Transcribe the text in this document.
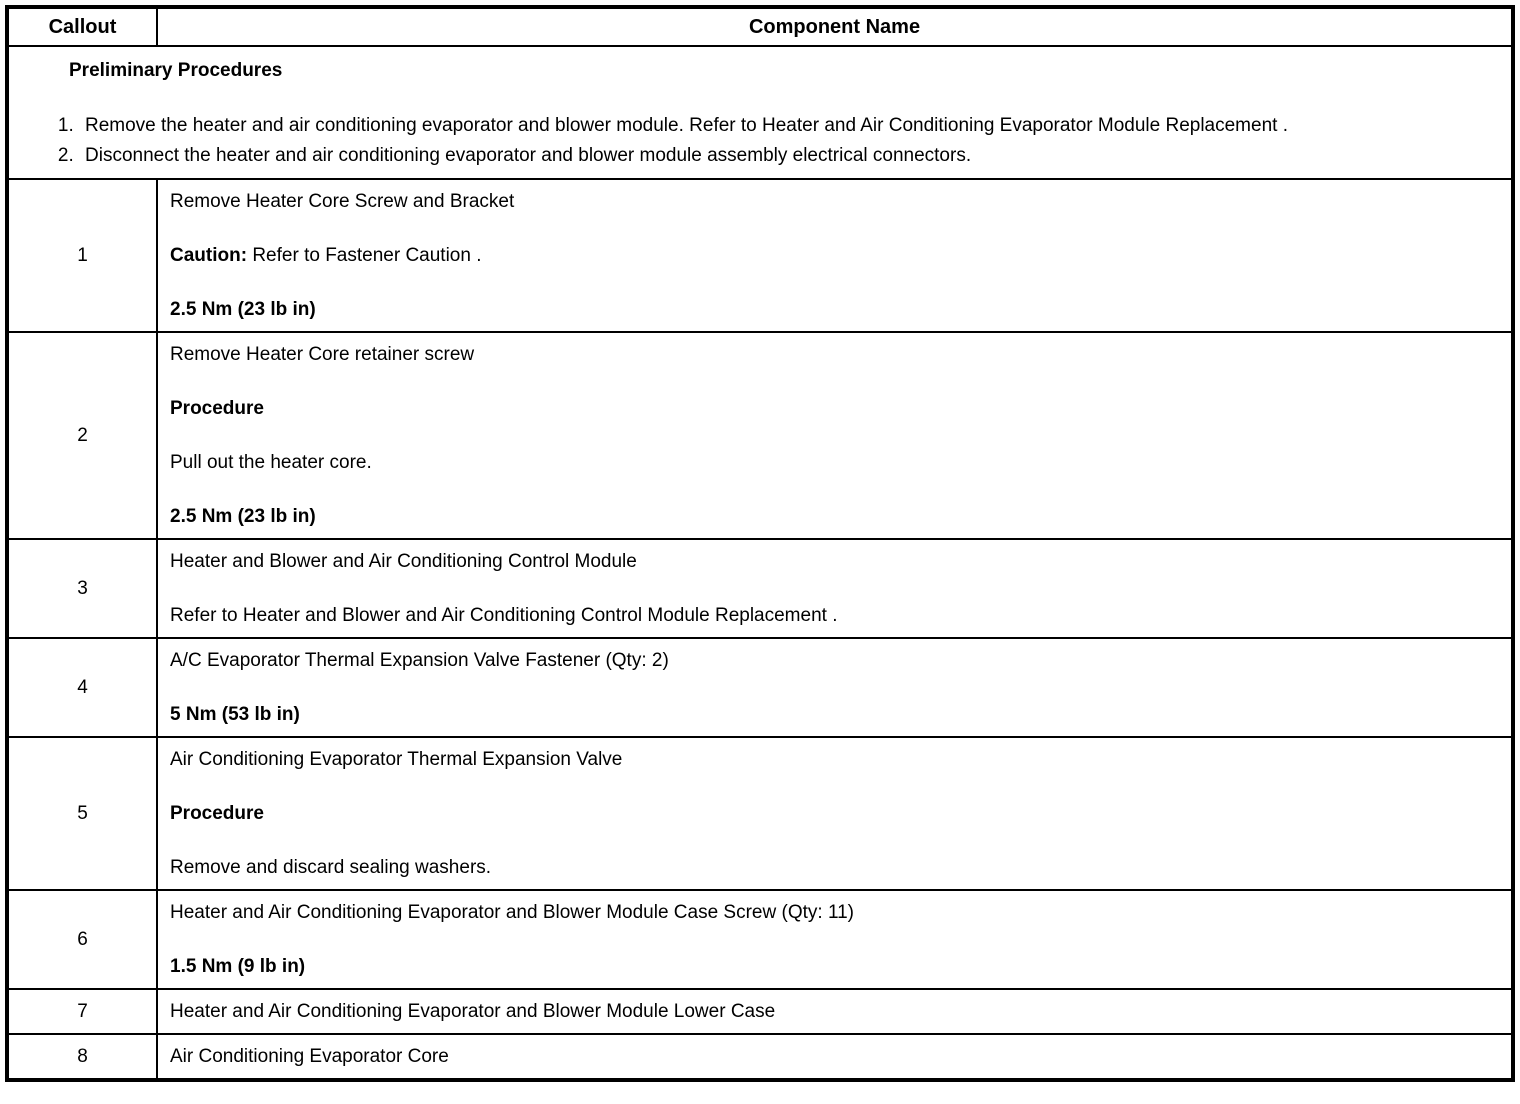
Callout	Component Name

Preliminary Procedures
1. Remove the heater and air conditioning evaporator and blower module. Refer to Heater and Air Conditioning Evaporator Module Replacement .
2. Disconnect the heater and air conditioning evaporator and blower module assembly electrical connectors.

1	Remove Heater Core Screw and Bracket

Caution: Refer to Fastener Caution .

2.5 Nm (23 lb in)

2	Remove Heater Core retainer screw

Procedure

Pull out the heater core.

2.5 Nm (23 lb in)

3	Heater and Blower and Air Conditioning Control Module

Refer to Heater and Blower and Air Conditioning Control Module Replacement .

4	A/C Evaporator Thermal Expansion Valve Fastener (Qty: 2)

5 Nm (53 lb in)

5	Air Conditioning Evaporator Thermal Expansion Valve

Procedure

Remove and discard sealing washers.

6	Heater and Air Conditioning Evaporator and Blower Module Case Screw (Qty: 11)

1.5 Nm (9 lb in)

7	Heater and Air Conditioning Evaporator and Blower Module Lower Case

8	Air Conditioning Evaporator Core
